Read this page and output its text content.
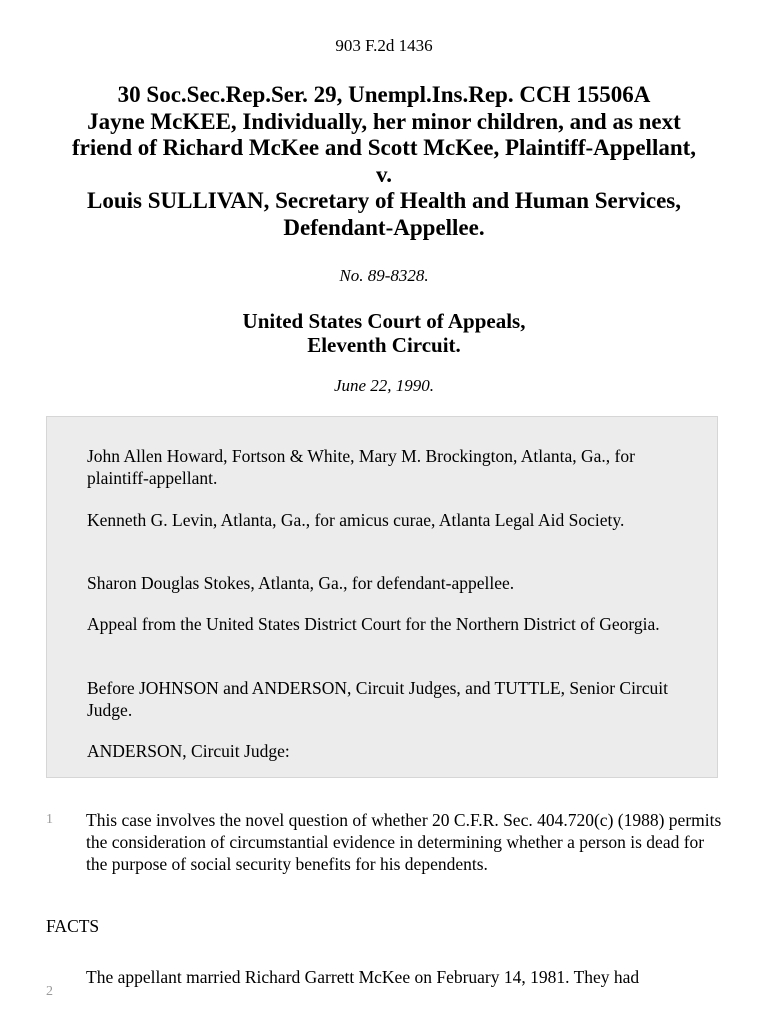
903 F.2d 1436
30 Soc.Sec.Rep.Ser. 29, Unempl.Ins.Rep. CCH 15506A
Jayne McKEE, Individually, her minor children, and as next
friend of Richard McKee and Scott McKee, Plaintiff-Appellant,
v.
Louis SULLIVAN, Secretary of Health and Human Services,
Defendant-Appellee.
No. 89-8328.
United States Court of Appeals,
Eleventh Circuit.
June 22, 1990.

John Allen Howard, Fortson & White, Mary M. Brockington, Atlanta, Ga., for plaintiff-appellant.

Kenneth G. Levin, Atlanta, Ga., for amicus curae, Atlanta Legal Aid Society.

Sharon Douglas Stokes, Atlanta, Ga., for defendant-appellee.

Appeal from the United States District Court for the Northern District of Georgia.

Before JOHNSON and ANDERSON, Circuit Judges, and TUTTLE, Senior Circuit Judge.

ANDERSON, Circuit Judge:

1 This case involves the novel question of whether 20 C.F.R. Sec. 404.720(c) (1988) permits the consideration of circumstantial evidence in determining whether a person is dead for the purpose of social security benefits for his dependents.

FACTS
2

The appellant married Richard Garrett McKee on February 14, 1981. They had
